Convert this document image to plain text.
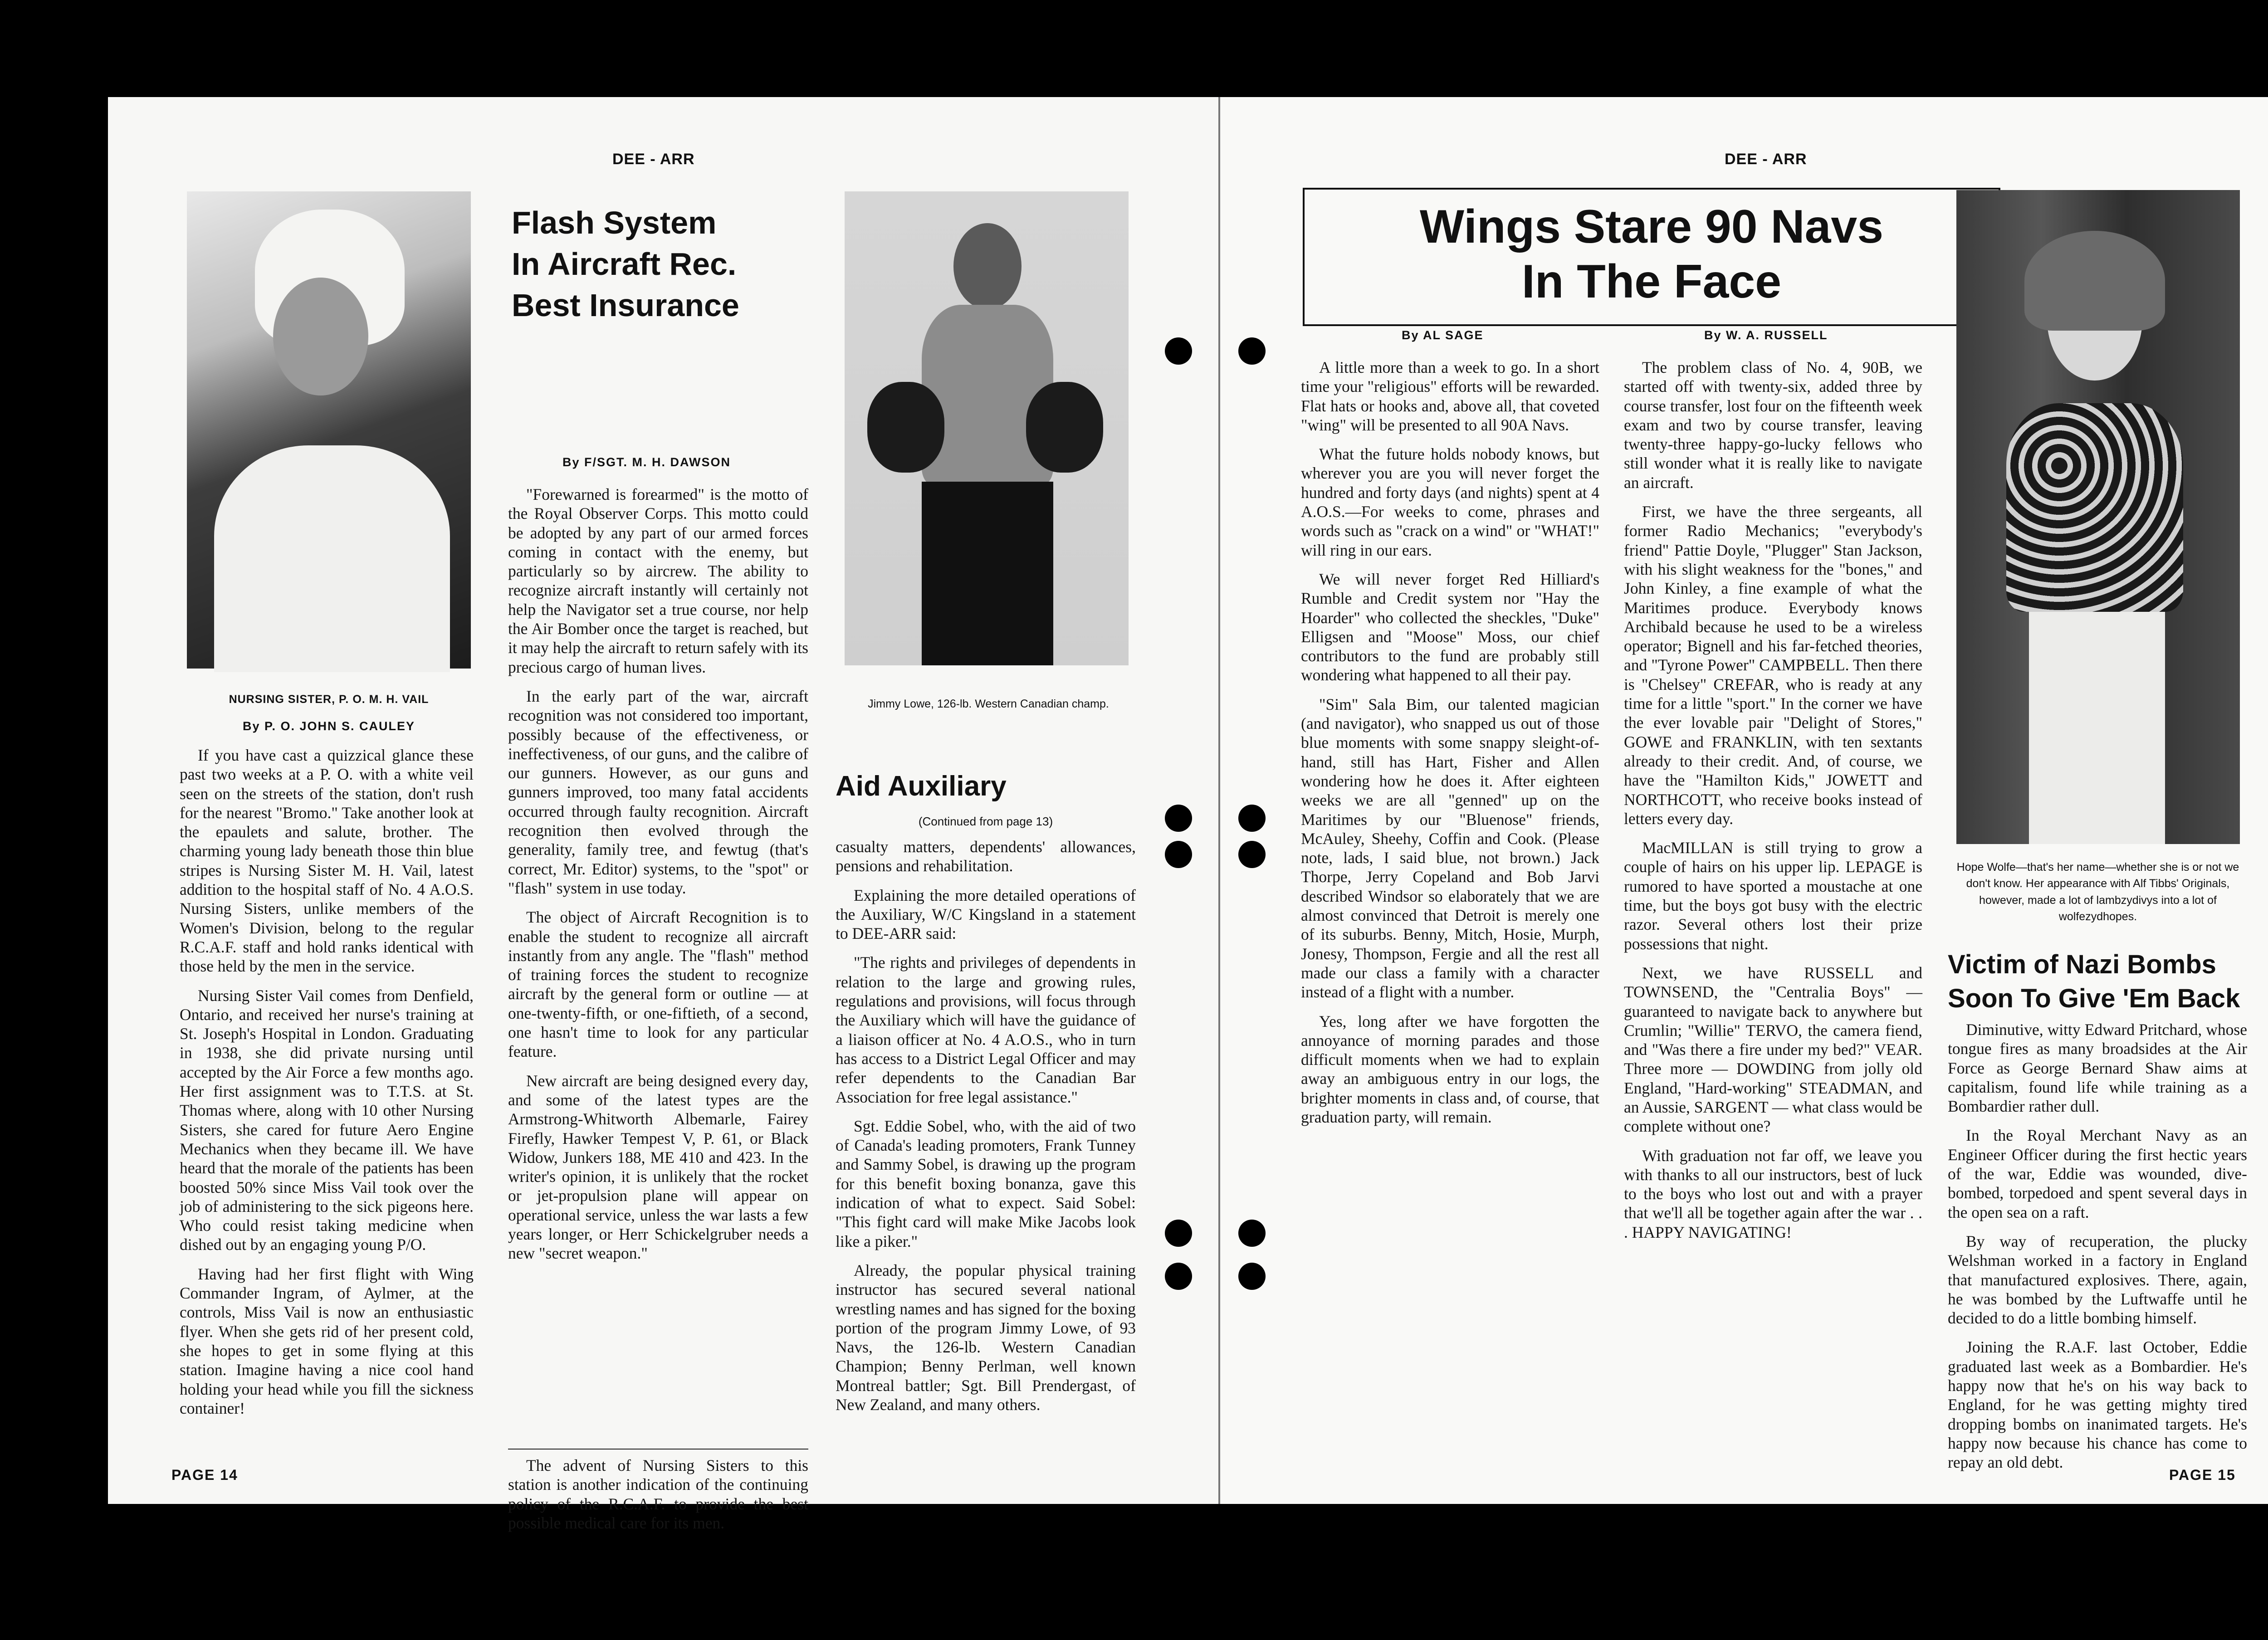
DEE - ARR
NURSING SISTER, P. O. M. H. VAIL
By P. O. JOHN S. CAULEY

If you have cast a quizzical glance these past two weeks at a P. O. with a white veil seen on the streets of the station, don't rush for the nearest "Bromo." Take another look at the epaulets and salute, brother. The charming young lady beneath those thin blue stripes is Nursing Sister M. H. Vail, latest addition to the hospital staff of No. 4 A.O.S. Nursing Sisters, unlike members of the Women's Division, belong to the regular R.C.A.F. staff and hold ranks identical with those held by the men in the service.

Nursing Sister Vail comes from Denfield, Ontario, and received her nurse's training at St. Joseph's Hospital in London. Graduating in 1938, she did private nursing until accepted by the Air Force a few months ago. Her first assignment was to T.T.S. at St. Thomas where, along with 10 other Nursing Sisters, she cared for future Aero Engine Mechanics when they became ill. We have heard that the morale of the patients has been boosted 50% since Miss Vail took over the job of administering to the sick pigeons here. Who could resist taking medicine when dished out by an engaging young P/O.

Having had her first flight with Wing Commander Ingram, of Aylmer, at the controls, Miss Vail is now an enthusiastic flyer. When she gets rid of her present cold, she hopes to get in some flying at this station. Imagine having a nice cool hand holding your head while you fill the sickness container!

Flash System
In Aircraft Rec.
Best Insurance
By F/SGT. M. H. DAWSON

"Forewarned is forearmed" is the motto of the Royal Observer Corps. This motto could be adopted by any part of our armed forces coming in contact with the enemy, but particularly so by aircrew. The ability to recognize aircraft instantly will certainly not help the Navigator set a true course, nor help the Air Bomber once the target is reached, but it may help the aircraft to return safely with its precious cargo of human lives.

In the early part of the war, aircraft recognition was not considered too important, possibly because of the effectiveness, or ineffectiveness, of our guns, and the calibre of our gunners. However, as our guns and gunners improved, too many fatal accidents occurred through faulty recognition. Aircraft recognition then evolved through the generality, family tree, and fewtug (that's correct, Mr. Editor) systems, to the "spot" or "flash" system in use today.

The object of Aircraft Recognition is to enable the student to recognize all aircraft instantly from any angle. The "flash" method of training forces the student to recognize aircraft by the general form or outline — at one-twenty-fifth, or one-fiftieth, of a second, one hasn't time to look for any particular feature.

New aircraft are being designed every day, and some of the latest types are the Armstrong-Whitworth Albemarle, Fairey Firefly, Hawker Tempest V, P. 61, or Black Widow, Junkers 188, ME 410 and 423. In the writer's opinion, it is unlikely that the rocket or jet-propulsion plane will appear on operational service, unless the war lasts a few years longer, or Herr Schickelgruber needs a new "secret weapon."

The advent of Nursing Sisters to this station is another indication of the continuing policy of the R.C.A.F. to provide the best possible medical care for its men.

Jimmy Lowe, 126-lb. Western Canadian champ.
Aid Auxiliary
(Continued from page 13)

casualty matters, dependents' allowances, pensions and rehabilitation.

Explaining the more detailed operations of the Auxiliary, W/C Kingsland in a statement to DEE-ARR said:

"The rights and privileges of dependents in relation to the large and growing rules, regulations and provisions, will focus through the Auxiliary which will have the guidance of a liaison officer at No. 4 A.O.S., who in turn has access to a District Legal Officer and may refer dependents to the Canadian Bar Association for free legal assistance."

Sgt. Eddie Sobel, who, with the aid of two of Canada's leading promoters, Frank Tunney and Sammy Sobel, is drawing up the program for this benefit boxing bonanza, gave this indication of what to expect. Said Sobel: "This fight card will make Mike Jacobs look like a piker."

Already, the popular physical training instructor has secured several national wrestling names and has signed for the boxing portion of the program Jimmy Lowe, of 93 Navs, the 126-lb. Western Canadian Champion; Benny Perlman, well known Montreal battler; Sgt. Bill Prendergast, of New Zealand, and many others.

PAGE 14
DEE - ARR
Wings Stare 90 Navs
In The Face
By AL SAGE	By W. A. RUSSELL

A little more than a week to go. In a short time your "religious" efforts will be rewarded. Flat hats or hooks and, above all, that coveted "wing" will be presented to all 90A Navs.

What the future holds nobody knows, but wherever you are you will never forget the hundred and forty days (and nights) spent at 4 A.O.S.—For weeks to come, phrases and words such as "crack on a wind" or "WHAT!" will ring in our ears.

We will never forget Red Hilliard's Rumble and Credit system nor "Hay the Hoarder" who collected the sheckles, "Duke" Elligsen and "Moose" Moss, our chief contributors to the fund are probably still wondering what happened to all their pay.

"Sim" Sala Bim, our talented magician (and navigator), who snapped us out of those blue moments with some snappy sleight-of-hand, still has Hart, Fisher and Allen wondering how he does it. After eighteen weeks we are all "genned" up on the Maritimes by our "Bluenose" friends, McAuley, Sheehy, Coffin and Cook. (Please note, lads, I said blue, not brown.) Jack Thorpe, Jerry Copeland and Bob Jarvi described Windsor so elaborately that we are almost convinced that Detroit is merely one of its suburbs. Benny, Mitch, Hosie, Murph, Jonesy, Thompson, Fergie and all the rest all made our class a family with a character instead of a flight with a number.

Yes, long after we have forgotten the annoyance of morning parades and those difficult moments when we had to explain away an ambiguous entry in our logs, the brighter moments in class and, of course, that graduation party, will remain.

The problem class of No. 4, 90B, we started off with twenty-six, added three by course transfer, lost four on the fifteenth week exam and two by course transfer, leaving twenty-three happy-go-lucky fellows who still wonder what it is really like to navigate an aircraft.

First, we have the three sergeants, all former Radio Mechanics; "everybody's friend" Pattie Doyle, "Plugger" Stan Jackson, with his slight weakness for the "bones," and John Kinley, a fine example of what the Maritimes produce. Everybody knows Archibald because he used to be a wireless operator; Bignell and his far-fetched theories, and "Tyrone Power" CAMPBELL. Then there is "Chelsey" CREFAR, who is ready at any time for a little "sport." In the corner we have the ever lovable pair "Delight of Stores," GOWE and FRANKLIN, with ten sextants already to their credit. And, of course, we have the "Hamilton Kids," JOWETT and NORTHCOTT, who receive books instead of letters every day.

MacMILLAN is still trying to grow a couple of hairs on his upper lip. LEPAGE is rumored to have sported a moustache at one time, but the boys got busy with the electric razor. Several others lost their prize possessions that night.

Next, we have RUSSELL and TOWNSEND, the "Centralia Boys" — guaranteed to navigate back to anywhere but Crumlin; "Willie" TERVO, the camera fiend, and "Was there a fire under my bed?" VEAR. Three more — DOWDING from jolly old England, "Hard-working" STEADMAN, and an Aussie, SARGENT — what class would be complete without one?

With graduation not far off, we leave you with thanks to all our instructors, best of luck to the boys who lost out and with a prayer that we'll all be together again after the war . . . HAPPY NAVIGATING!

Hope Wolfe—that's her name—whether she is or not we don't know. Her appearance with Alf Tibbs' Originals, however, made a lot of lambzydivys into a lot of wolfezydhopes.
Victim of Nazi Bombs
Soon To Give 'Em Back

Diminutive, witty Edward Pritchard, whose tongue fires as many broadsides at the Air Force as George Bernard Shaw aims at capitalism, found life while training as a Bombardier rather dull.

In the Royal Merchant Navy as an Engineer Officer during the first hectic years of the war, Eddie was wounded, dive-bombed, torpedoed and spent several days in the open sea on a raft.

By way of recuperation, the plucky Welshman worked in a factory in England that manufactured explosives. There, again, he was bombed by the Luftwaffe until he decided to do a little bombing himself.

Joining the R.A.F. last October, Eddie graduated last week as a Bombardier. He's happy now that he's on his way back to England, for he was getting mighty tired dropping bombs on inanimated targets. He's happy now because his chance has come to repay an old debt.

PAGE 15
